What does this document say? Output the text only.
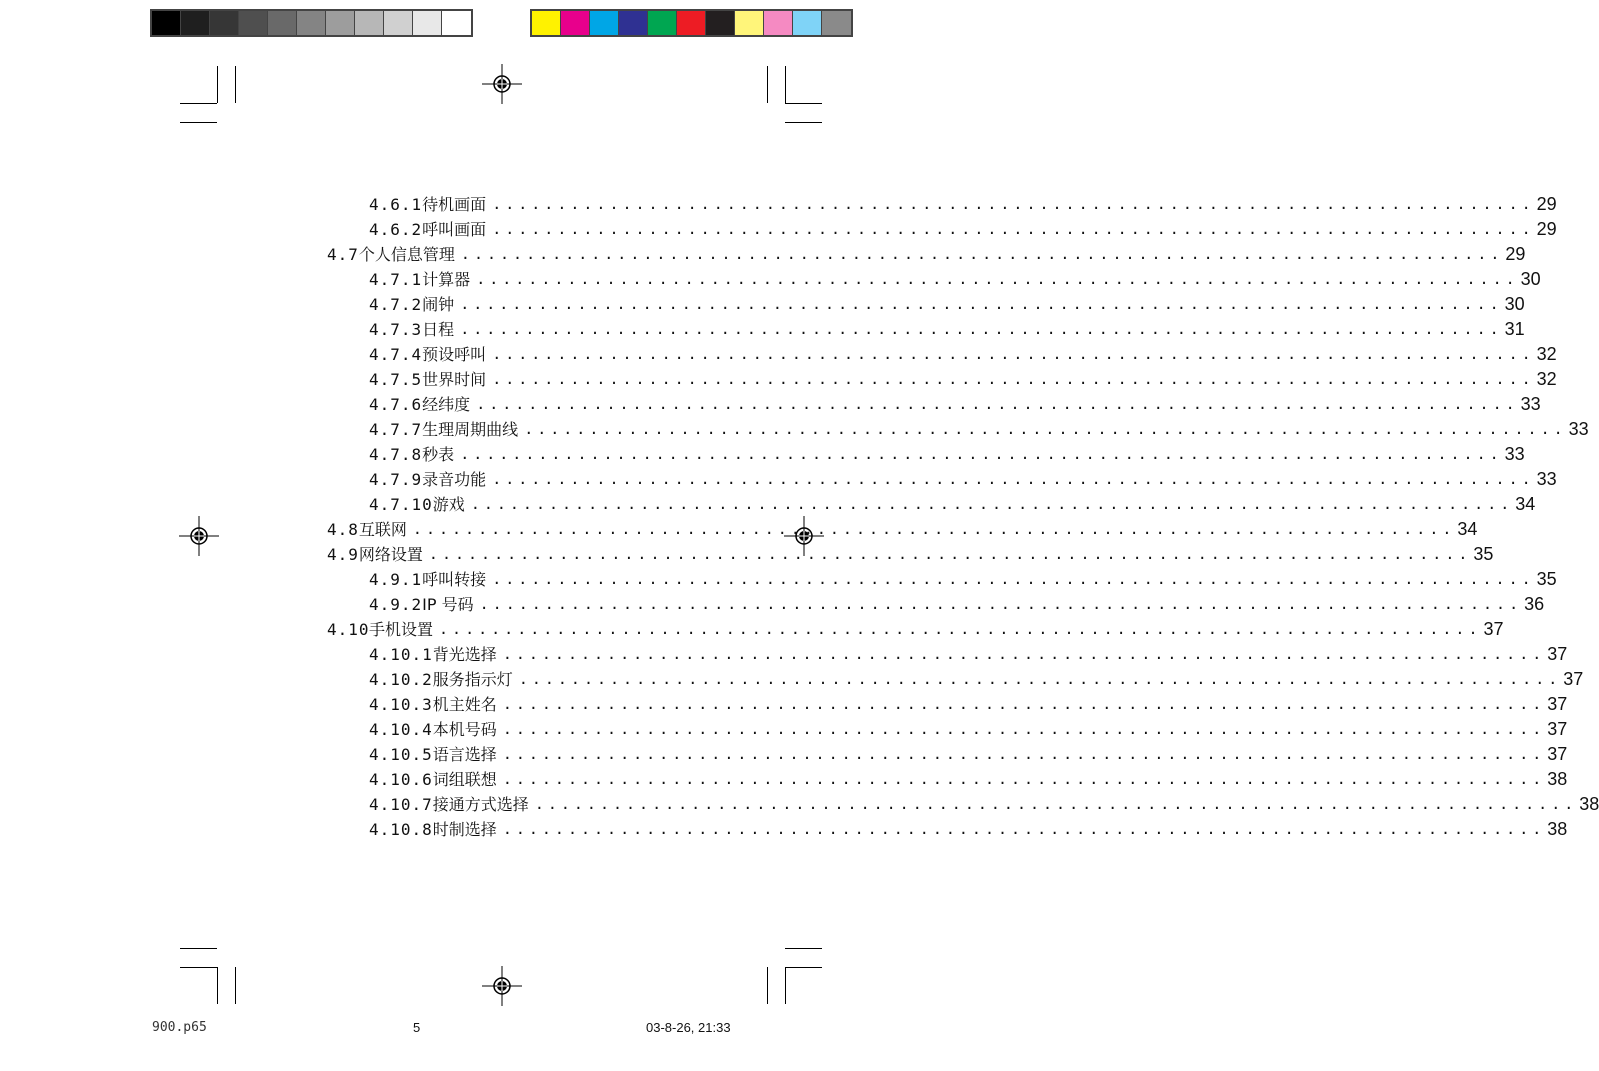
4.6.1 待机画面 ................................................................................ 29
4.6.2 呼叫画面 ................................................................................ 29
4.7 个人信息管理 ................................................................................ 29
4.7.1 计算器 ................................................................................ 30
4.7.2 闹钟 ................................................................................ 30
4.7.3 日程 ................................................................................ 31
4.7.4 预设呼叫 ................................................................................ 32
4.7.5 世界时间 ................................................................................ 32
4.7.6 经纬度 ................................................................................ 33
4.7.7 生理周期曲线 ................................................................................ 33
4.7.8 秒表 ................................................................................ 33
4.7.9 录音功能 ................................................................................ 33
4.7.10 游戏 ................................................................................ 34
4.8 互联网 ................................................................................ 34
4.9 网络设置 ................................................................................ 35
4.9.1 呼叫转接 ................................................................................ 35
4.9.2 IP 号码 ................................................................................ 36
4.10 手机设置 ................................................................................ 37
4.10.1 背光选择 ................................................................................ 37
4.10.2 服务指示灯 ................................................................................ 37
4.10.3 机主姓名 ................................................................................ 37
4.10.4 本机号码 ................................................................................ 37
4.10.5 语言选择 ................................................................................ 37
4.10.6 词组联想 ................................................................................ 38
4.10.7 接通方式选择 ................................................................................ 38
4.10.8 时制选择 ................................................................................ 38
900.p65	5	03-8-26, 21:33
